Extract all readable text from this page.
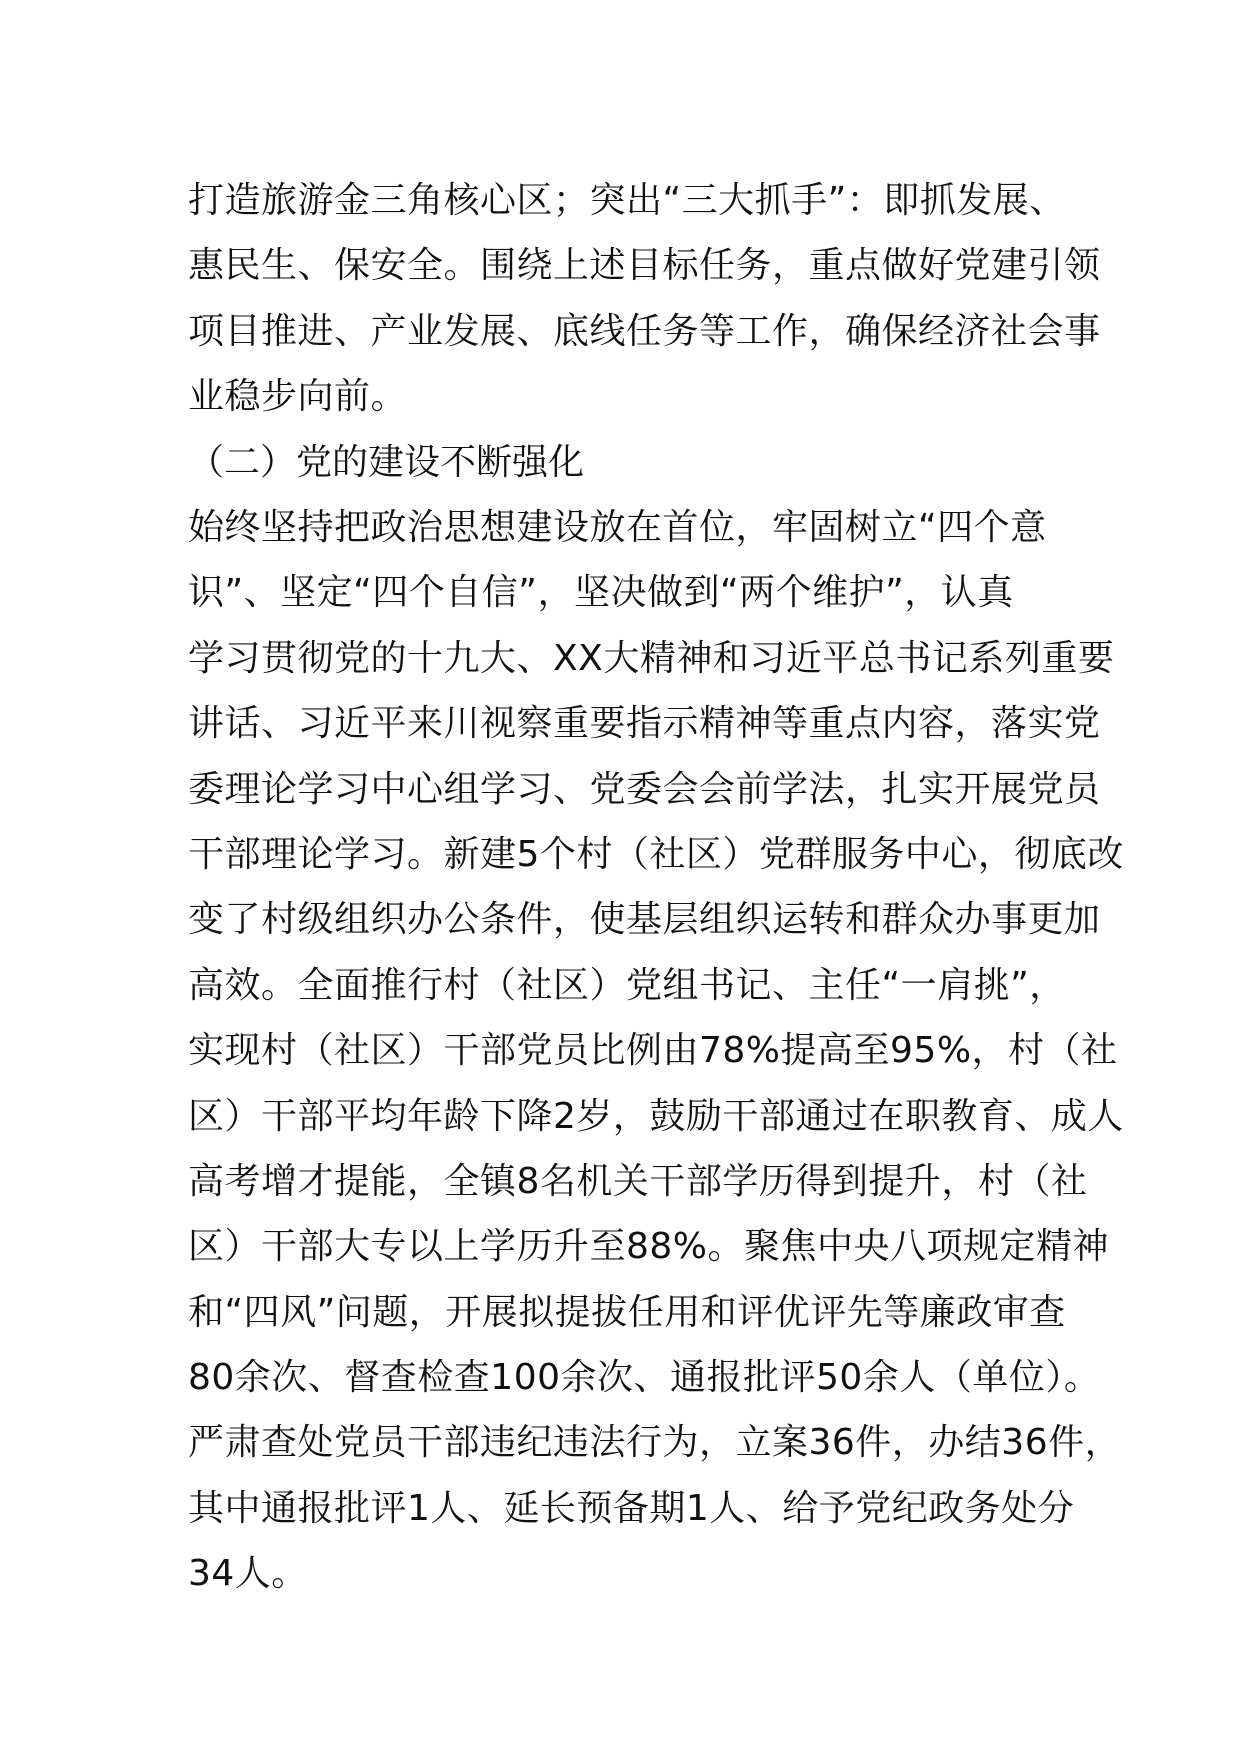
打造旅游金三角核心区；突出“三大抓手”：即抓发展、
惠民生、保安全。围绕上述目标任务，重点做好党建引领
项目推进、产业发展、底线任务等工作，确保经济社会事
业稳步向前。
（二）党的建设不断强化
始终坚持把政治思想建设放在首位，牢固树立“四个意
识”、坚定“四个自信”，坚决做到“两个维护”，认真
学习贯彻党的十九大、XX大精神和习近平总书记系列重要
讲话、习近平来川视察重要指示精神等重点内容，落实党
委理论学习中心组学习、党委会会前学法，扎实开展党员
干部理论学习。新建5个村（社区）党群服务中心，彻底改
变了村级组织办公条件，使基层组织运转和群众办事更加
高效。全面推行村（社区）党组书记、主任“一肩挑”，
实现村（社区）干部党员比例由78%提高至95%，村（社
区）干部平均年龄下降2岁，鼓励干部通过在职教育、成人
高考增才提能，全镇8名机关干部学历得到提升，村（社
区）干部大专以上学历升至88%。聚焦中央八项规定精神
和“四风”问题，开展拟提拔任用和评优评先等廉政审查
80余次、督查检查100余次、通报批评50余人（单位）。
严肃查处党员干部违纪违法行为，立案36件，办结36件，
其中通报批评1人、延长预备期1人、给予党纪政务处分
34人。
